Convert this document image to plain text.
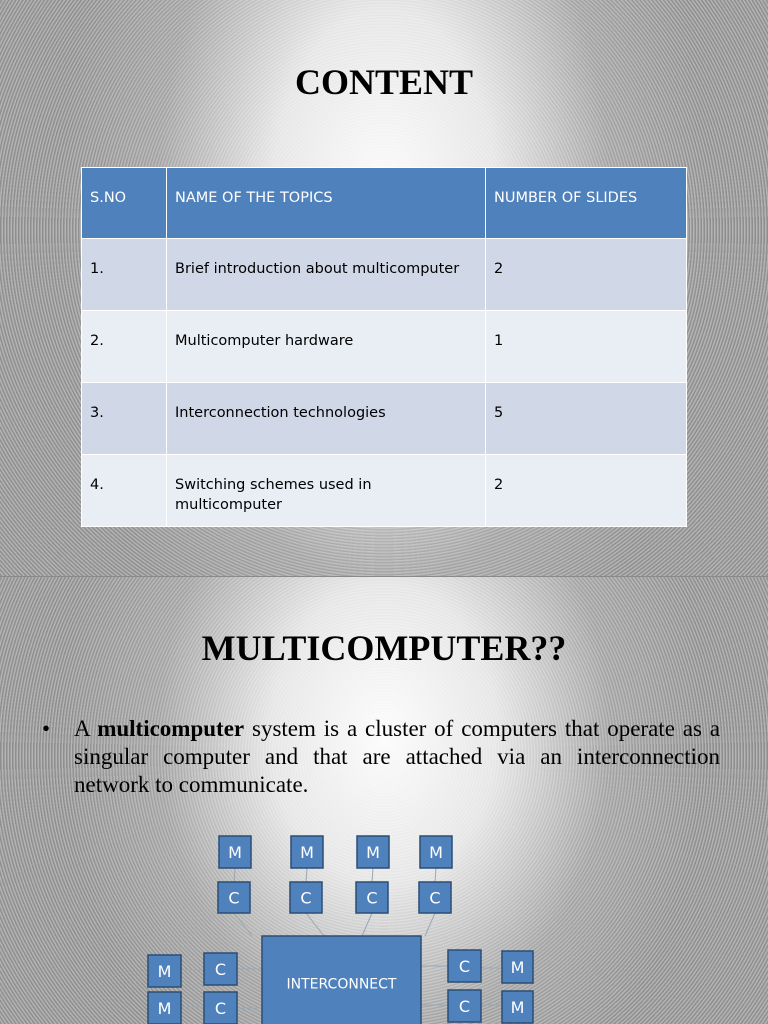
CONTENT
S.NO	NAME OF THE TOPICS	NUMBER OF SLIDES
1.	Brief introduction about multicomputer	2
2.	Multicomputer hardware	1
3.	Interconnection technologies	5
4.	Switching schemes used in multicomputer	2
MULTICOMPUTER??
• A multicomputer system is a cluster of computers that operate as a singular computer and that are attached via an interconnection network to communicate.

INTERCONNECT
M
C
M
C
M
C
M
C
M	C
M	C
C	M
C	M
